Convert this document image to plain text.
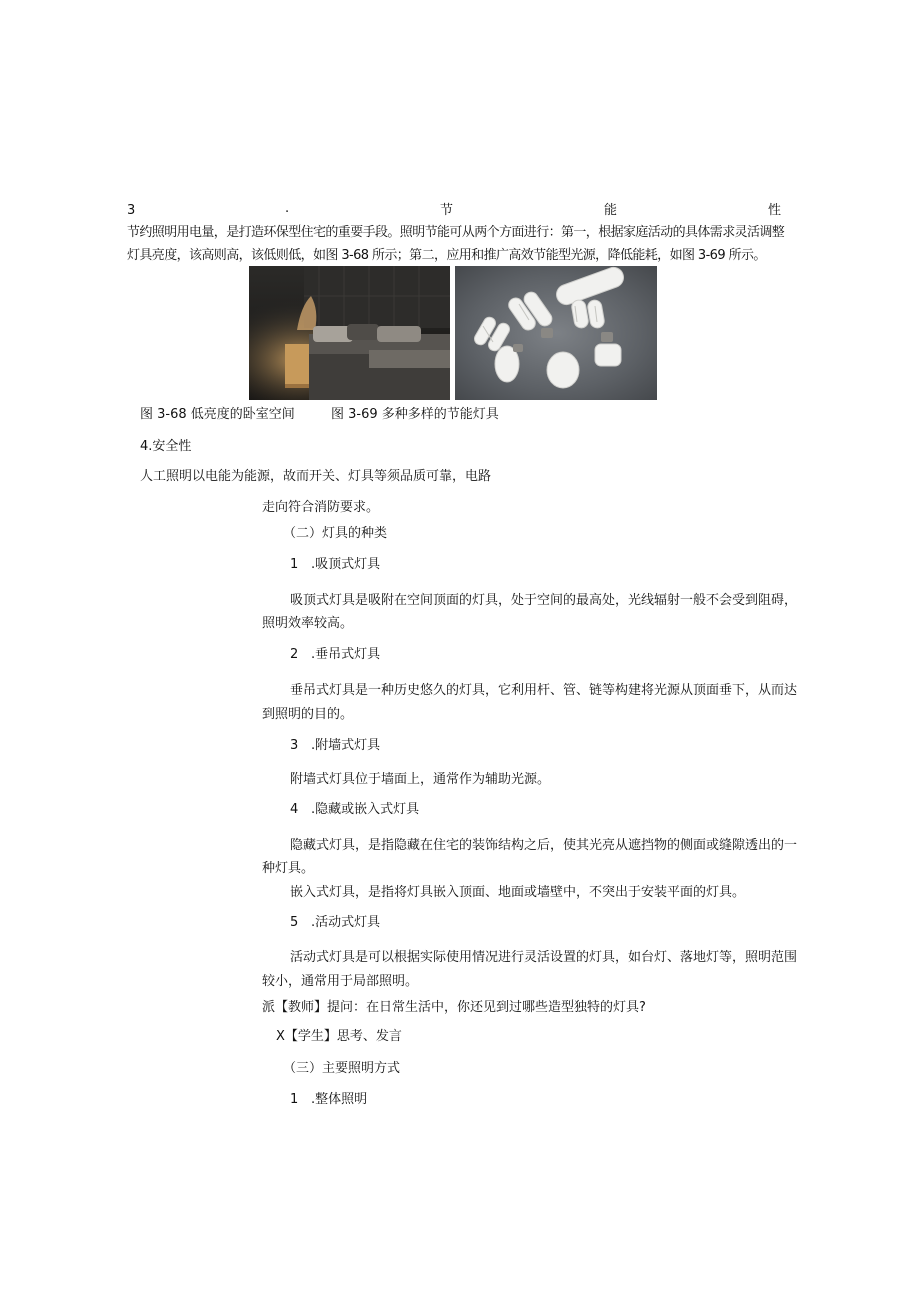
3	.	节	能	性
节约照明用电量，是打造环保型住宅的重要手段。照明节能可从两个方面进行：第一，根据家庭活动的具体需求灵活调整
灯具亮度，该高则高，该低则低，如图 3-68 所示；第二，应用和推广高效节能型光源，降低能耗，如图 3-69 所示。
图 3-68 低亮度的卧室空间	图 3-69 多种多样的节能灯具
4.安全性
人工照明以电能为能源，故而开关、灯具等须品质可靠，电路
走向符合消防要求。
（二）灯具的种类
1 .吸顶式灯具
吸顶式灯具是吸附在空间顶面的灯具，处于空间的最高处，光线辐射一般不会受到阻碍，
照明效率较高。
2 .垂吊式灯具
垂吊式灯具是一种历史悠久的灯具，它利用杆、管、链等构建将光源从顶面垂下，从而达
到照明的目的。
3 .附墙式灯具
附墙式灯具位于墙面上，通常作为辅助光源。
4 .隐藏或嵌入式灯具
隐藏式灯具，是指隐藏在住宅的装饰结构之后，使其光亮从遮挡物的侧面或缝隙透出的一
种灯具。
嵌入式灯具，是指将灯具嵌入顶面、地面或墙壁中，不突出于安装平面的灯具。
5 .活动式灯具
活动式灯具是可以根据实际使用情况进行灵活设置的灯具，如台灯、落地灯等，照明范围
较小，通常用于局部照明。
派【教师】提问：在日常生活中，你还见到过哪些造型独特的灯具?
X【学生】思考、发言
（三）主要照明方式
1 .整体照明
